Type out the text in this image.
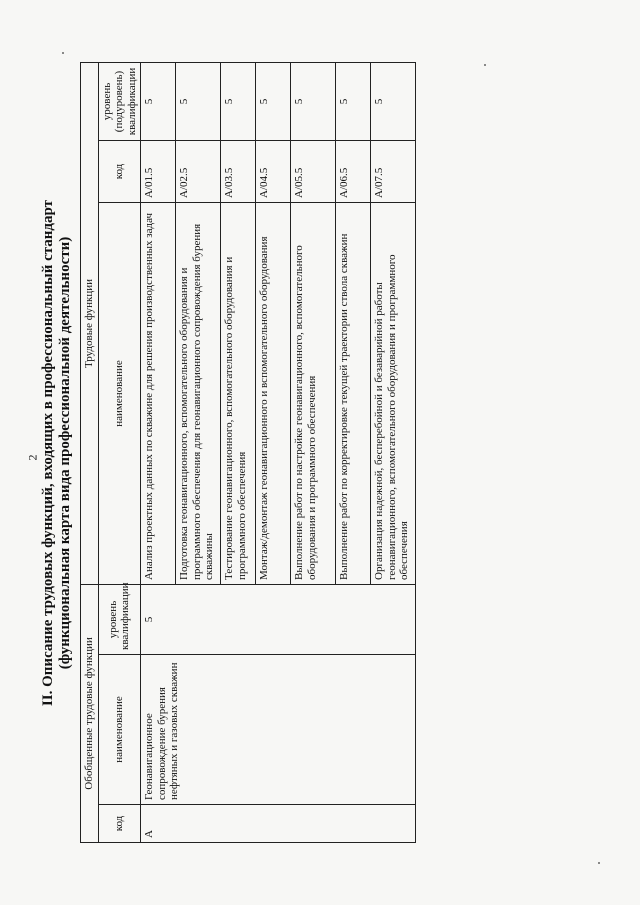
2 II. Описание трудовых функций, входящих в профессиональный стандарт (функциональная карта вида профессиональной деятельности)
Обобщенные трудовые функции			Трудовые функции		
код	наименование	уровень квалификации	наименование	код	уровень (подуровень) квалификации
А	Геонавигационное сопровождение бурения нефтяных и газовых скважин	5	Анализ проектных данных по скважине для решения производственных задач	A/01.5	5
			Подготовка геонавигационного, вспомогательного оборудования и программного обеспечения для геонавигационного сопровождения бурения скважины	A/02.5	5
			Тестирование геонавигационного, вспомогательного оборудования и программного обеспечения	A/03.5	5
			Монтаж/демонтаж геонавигационного и вспомогательного оборудования	A/04.5	5
			Выполнение работ по настройке геонавигационного, вспомогательного оборудования и программного обеспечения	A/05.5	5
			Выполнение работ по корректировке текущей траектории ствола скважин	A/06.5	5
			Организация надежной, бесперебойной и безаварийной работы геонавигационного, вспомогательного оборудования и программного обеспечения	A/07.5	5
